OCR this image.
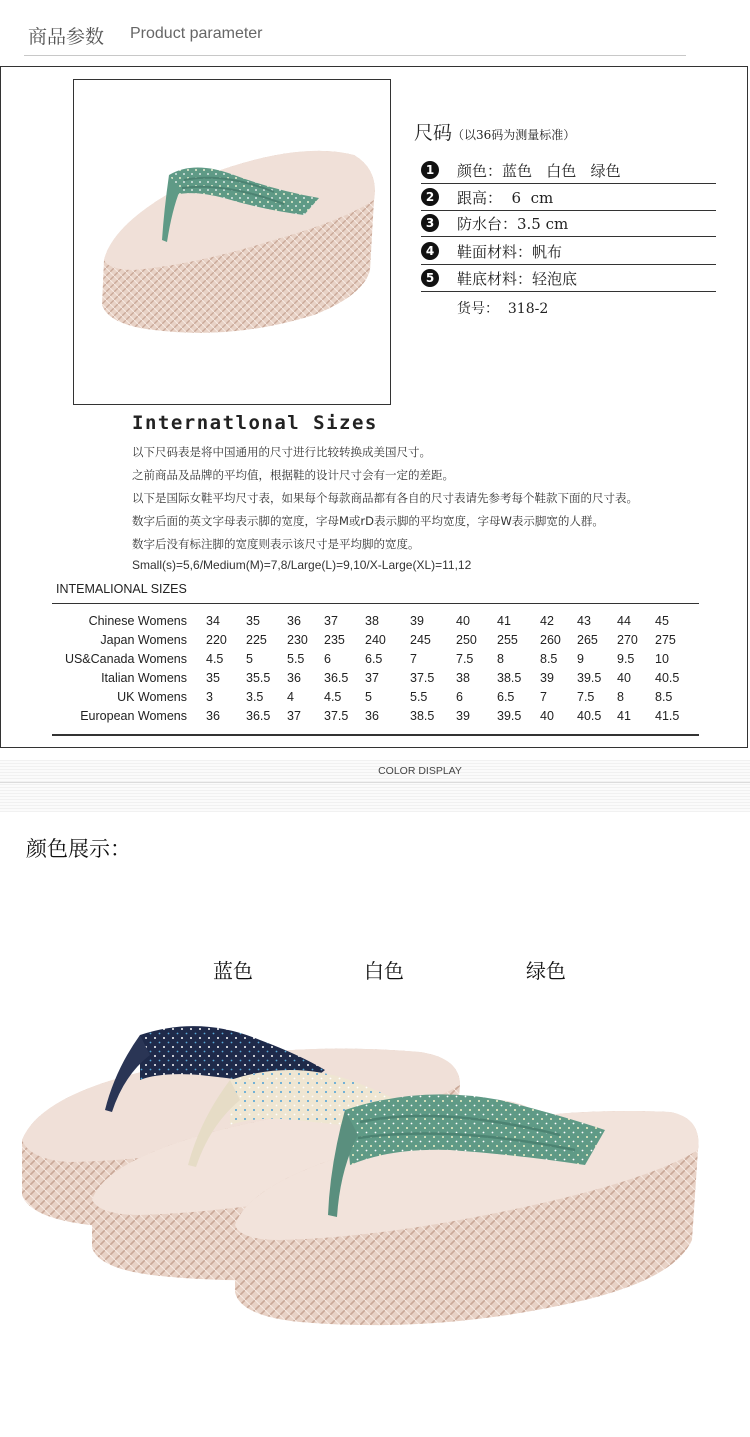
商品参数 Product parameter
尺码（以36码为测量标准）
1	颜色：蓝色   白色   绿色
2	跟高：  6  cm
3	防水台：3.5 cm
4	鞋面材料：帆布
5	鞋底材料：轻泡底
货号：  318-2
Internatlonal Sizes
以下尺码表是将中国通用的尺寸进行比较转换成美国尺寸。
之前商品及品牌的平均值，根据鞋的设计尺寸会有一定的差距。
以下是国际女鞋平均尺寸表，如果每个每款商品都有各自的尺寸表请先参考每个鞋款下面的尺寸表。
数字后面的英文字母表示脚的宽度，字母M或rD表示脚的平均宽度，字母W表示脚宽的人群。
数字后没有标注脚的宽度则表示该尺寸是平均脚的宽度。
Small(s)=5,6/Medium(M)=7,8/Large(L)=9,10/X-Large(XL)=11,12
INTEMALIONAL SIZES
Chinese Womens 34 35 36 37 38 39	40 41 42 43 44 45
Japan Womens 220 225 230 235 240 245 250 255 260 265 270 275
US&Canada Womens 4.5 5	5.5 6	6.5 7	7.5 8	8.5 9	9.5 10
Italian Womens 35 35.5 36 36.5 37 37.5 38 38.5 39 39.5 40 40.5
UK Womens 3	3.5 4 4.5 5	5.5 6	6.5 7 7.5 8 8.5
European Womens 36 36.5 37 37.5 36 38.5 39 39.5 40 40.5 41 41.5
COLOR DISPLAY
颜色展示：
蓝色	白色	绿色
